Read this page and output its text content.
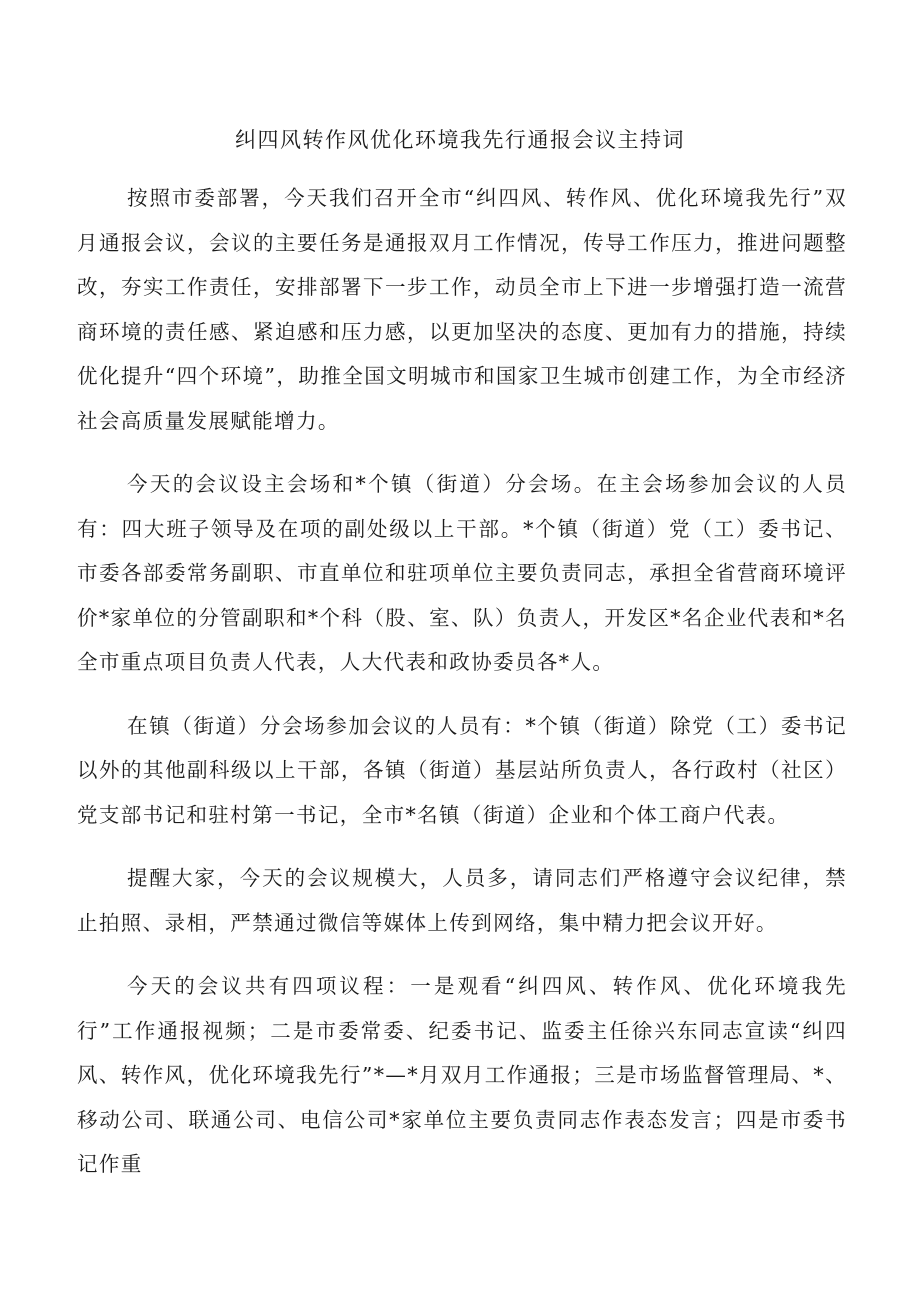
纠四风转作风优化环境我先行通报会议主持词

按照市委部署，今天我们召开全市“纠四风、转作风、优化环境我先行”双月通报会议，会议的主要任务是通报双月工作情况，传导工作压力，推进问题整改，夯实工作责任，安排部署下一步工作，动员全市上下进一步增强打造一流营商环境的责任感、紧迫感和压力感，以更加坚决的态度、更加有力的措施，持续优化提升“四个环境”，助推全国文明城市和国家卫生城市创建工作，为全市经济社会高质量发展赋能增力。

今天的会议设主会场和*个镇（街道）分会场。在主会场参加会议的人员有：四大班子领导及在项的副处级以上干部。*个镇（街道）党（工）委书记、市委各部委常务副职、市直单位和驻项单位主要负责同志，承担全省营商环境评价*家单位的分管副职和*个科（股、室、队）负责人，开发区*名企业代表和*名全市重点项目负责人代表，人大代表和政协委员各*人。

在镇（街道）分会场参加会议的人员有：*个镇（街道）除党（工）委书记以外的其他副科级以上干部，各镇（街道）基层站所负责人，各行政村（社区）党支部书记和驻村第一书记，全市*名镇（街道）企业和个体工商户代表。

提醒大家，今天的会议规模大，人员多，请同志们严格遵守会议纪律，禁止拍照、录相，严禁通过微信等媒体上传到网络，集中精力把会议开好。

今天的会议共有四项议程：一是观看“纠四风、转作风、优化环境我先行”工作通报视频；二是市委常委、纪委书记、监委主任徐兴东同志宣读“纠四风、转作风，优化环境我先行”*—*月双月工作通报；三是市场监督管理局、*、移动公司、联通公司、电信公司*家单位主要负责同志作表态发言；四是市委书记作重
